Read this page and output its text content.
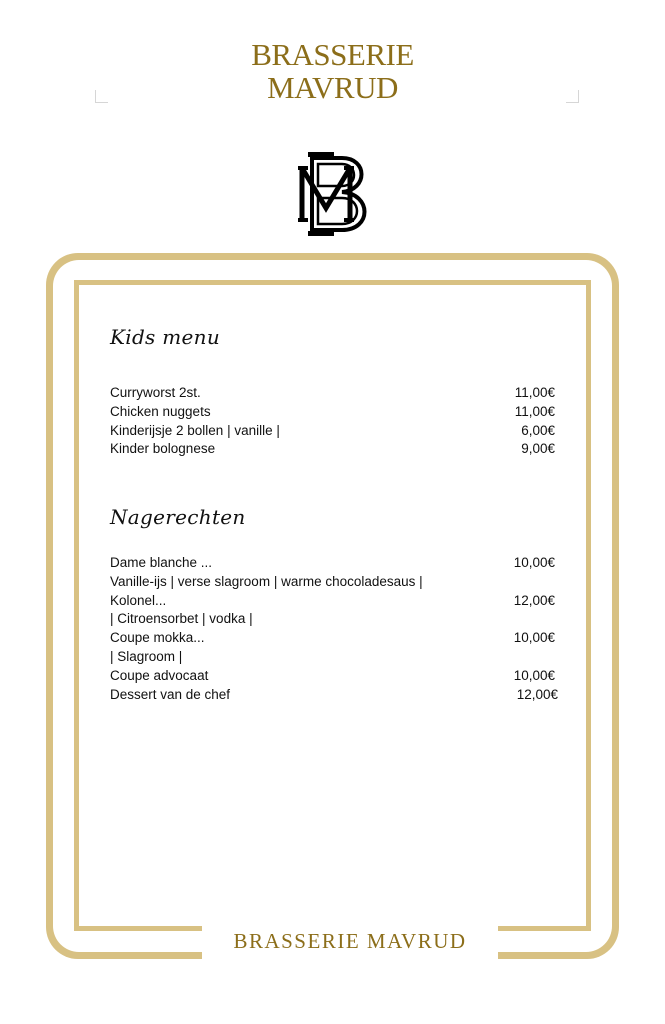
BRASSERIE
MAVRUD
BRASSERIE MAVRUD
Kids menu
Curryworst 2st.	11,00€
Chicken nuggets	11,00€
Kinderijsje 2 bollen | vanille |	6,00€
Kinder bolognese	9,00€
Nagerechten
Dame blanche ...	10,00€
Vanille-ijs | verse slagroom | warme chocoladesaus |
Kolonel...	12,00€
| Citroensorbet | vodka |
Coupe mokka...	10,00€
| Slagroom |
Coupe advocaat	10,00€
Dessert van de chef	12,00€
